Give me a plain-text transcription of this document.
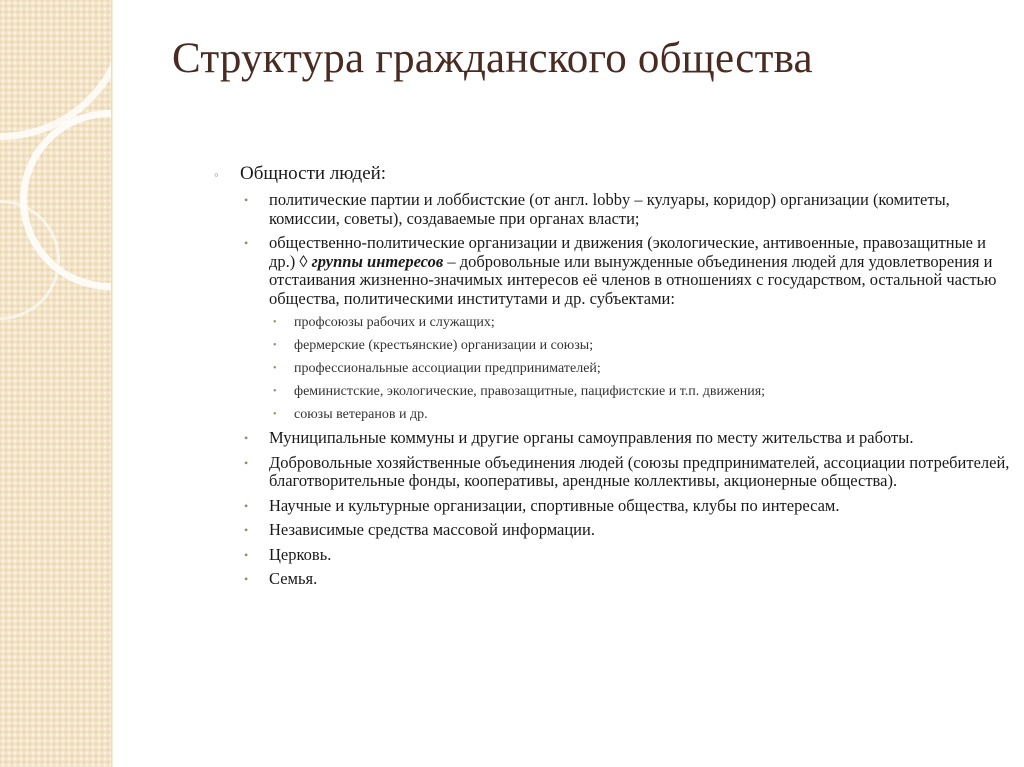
Структура гражданского общества
◦ Общности людей:
• политические партии и лоббистские (от англ. lobby – кулуары, коридор) организации (комитеты, комиссии, советы), создаваемые при органах власти;
• общественно-политические организации и движения (экологические, антивоенные, правозащитные и др.) ◊ группы интересов – добровольные или вынужденные объединения людей для удовлетворения и отстаивания жизненно-значимых интересов её членов в отношениях с государством, остальной частью общества, политическими институтами и др. субъектами:
• профсоюзы рабочих и служащих;
• фермерские (крестьянские) организации и союзы;
• профессиональные ассоциации предпринимателей;
• феминистские, экологические, правозащитные, пацифистские и т.п. движения;
• союзы ветеранов и др.
• Муниципальные коммуны и другие органы самоуправления по месту жительства и работы.
• Добровольные хозяйственные объединения людей (союзы предпринимателей, ассоциации потребителей, благотворительные фонды, кооперативы, арендные коллективы, акционерные общества).
• Научные и культурные организации, спортивные общества, клубы по интересам.
• Независимые средства массовой информации.
• Церковь.
• Семья.
